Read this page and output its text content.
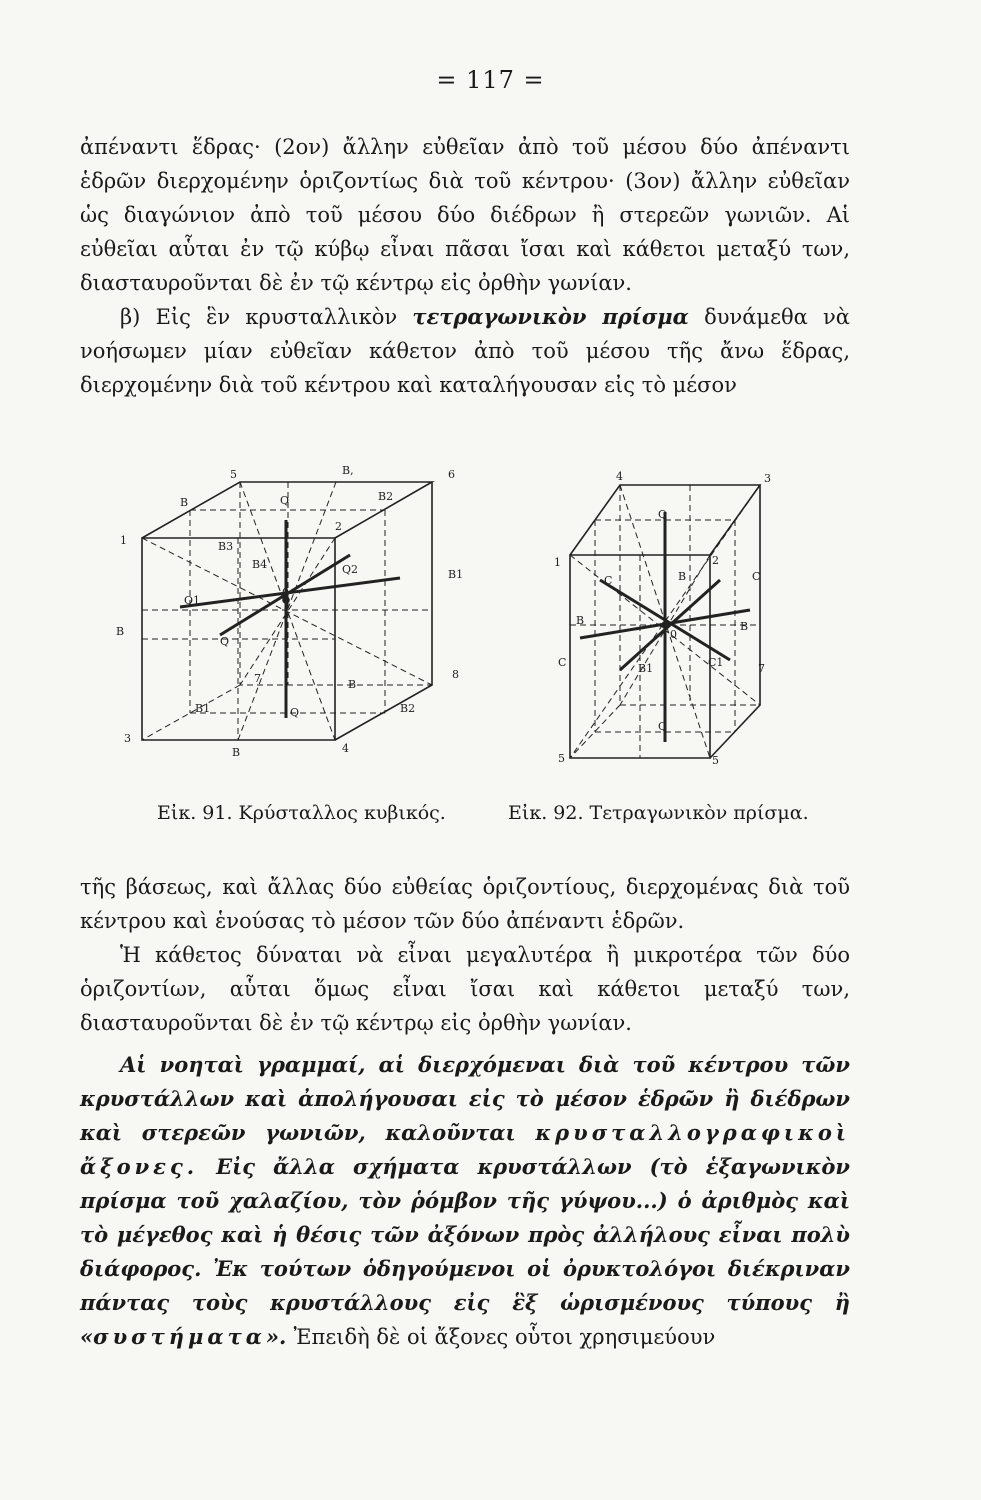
= 117 =

ἀπέναντι ἕδρας· (2ον) ἄλλην εὐθεῖαν ἀπὸ τοῦ μέσου δύο ἀπέναντι ἑδρῶν διερχομένην ὁριζοντίως διὰ τοῦ κέντρου· (3ον) ἄλλην εὐθεῖαν ὡς διαγώνιον ἀπὸ τοῦ μέσου δύο διέδρων ἢ στερεῶν γωνιῶν. Αἱ εὐθεῖαι αὗται ἐν τῷ κύβῳ εἶναι πᾶσαι ἴσαι καὶ κάθετοι μεταξύ των, διασταυροῦνται δὲ ἐν τῷ κέντρῳ εἰς ὀρθὴν γωνίαν.

β) Εἰς ἓν κρυσταλλικὸν τετραγωνικὸν πρίσμα δυνάμεθα νὰ νοήσωμεν μίαν εὐθεῖαν κάθετον ἀπὸ τοῦ μέσου τῆς ἄνω ἕδρας, διερχομένην διὰ τοῦ κέντρου καὶ καταλήγουσαν εἰς τὸ μέσον

5	B,	6
B	Q	B2
1	B3
2
B4	Q2	B1
Q1
0
B
Q
B
7
B1
8
B2
Q
3
B	4
4	3
Q
1	2
C	B	C
B
0
B
C	B1	C1	7
Q
5	5
Εἰκ. 91. Κρύσταλλος κυβικός.	Εἰκ. 92. Τετραγωνικὸν πρίσμα.

τῆς βάσεως, καὶ ἄλλας δύο εὐθείας ὁριζοντίους, διερχομένας διὰ τοῦ κέντρου καὶ ἑνούσας τὸ μέσον τῶν δύο ἀπέναντι ἑδρῶν.

Ἡ κάθετος δύναται νὰ εἶναι μεγαλυτέρα ἢ μικροτέρα τῶν δύο ὁριζοντίων, αὗται ὅμως εἶναι ἴσαι καὶ κάθετοι μεταξύ των, διασταυροῦνται δὲ ἐν τῷ κέντρῳ εἰς ὀρθὴν γωνίαν.

Αἱ νοηταὶ γραμμαί, αἱ διερχόμεναι διὰ τοῦ κέντρου τῶν κρυστάλλων καὶ ἀπολήγουσαι εἰς τὸ μέσον ἑδρῶν ἢ διέδρων καὶ στερεῶν γωνιῶν, καλοῦνται κρυσταλλογραφικοὶ ἄξονες. Εἰς ἄλλα σχήματα κρυστάλλων (τὸ ἑξαγωνικὸν πρίσμα τοῦ χαλαζίου, τὸν ῥόμβον τῆς γύψου...) ὁ ἀριθμὸς καὶ τὸ μέγεθος καὶ ἡ θέσις τῶν ἀξόνων πρὸς ἀλλήλους εἶναι πολὺ διάφορος. Ἐκ τούτων ὁδηγούμενοι οἱ ὀρυκτολόγοι διέκριναν πάντας τοὺς κρυστάλλους εἰς ἓξ ὡρισμένους τύπους ἢ «συστήματα». Ἐπειδὴ δὲ οἱ ἄξονες οὗτοι χρησιμεύουν
